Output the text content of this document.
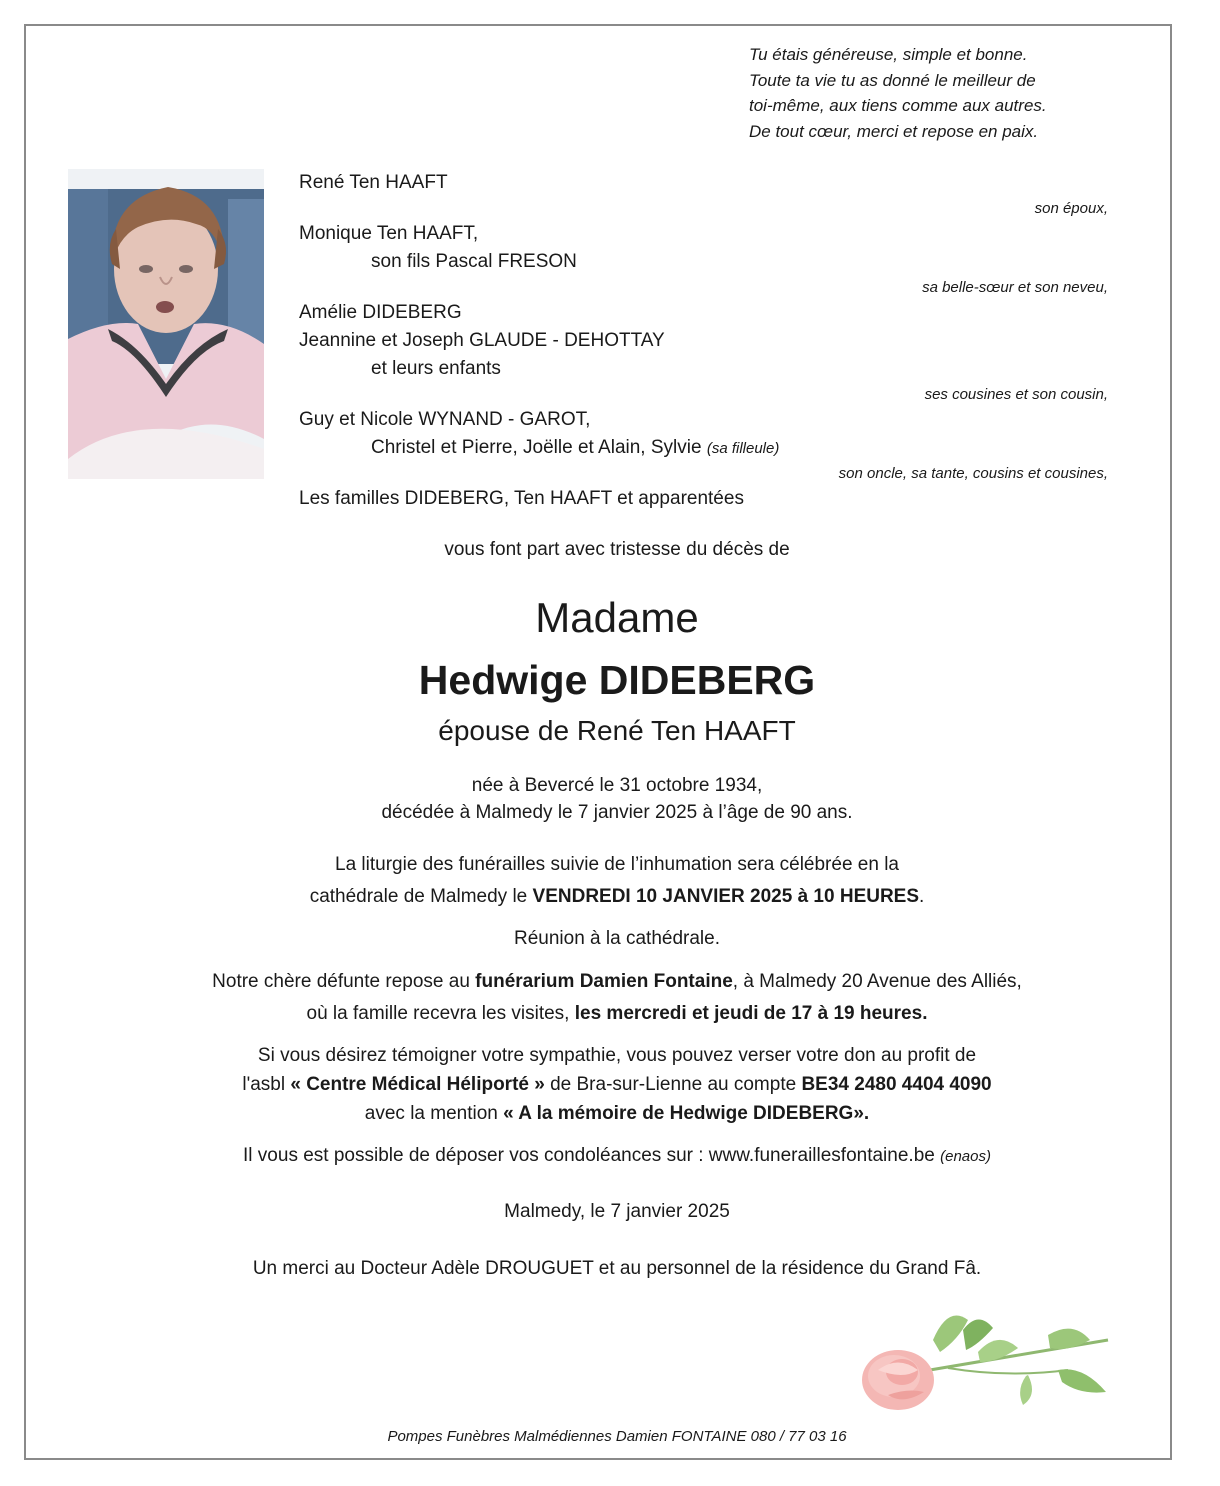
Tu étais généreuse, simple et bonne.
Toute ta vie tu as donné le meilleur de
toi-même, aux tiens comme aux autres.
De tout cœur, merci et repose en paix.
René Ten HAAFT
son époux,
Monique Ten HAAFT,
son fils Pascal FRESON
sa belle-sœur et son neveu,
Amélie DIDEBERG
Jeannine et Joseph GLAUDE - DEHOTTAY
et leurs enfants
ses cousines et son cousin,
Guy et Nicole WYNAND - GAROT,
Christel et Pierre, Joëlle et Alain, Sylvie (sa filleule)
son oncle, sa tante, cousins et cousines,
Les familles DIDEBERG, Ten HAAFT et apparentées
vous font part avec tristesse du décès de
Madame
Hedwige DIDEBERG
épouse de René Ten HAAFT
née à Bevercé le 31 octobre 1934,
décédée à Malmedy le 7 janvier 2025 à l’âge de 90 ans.
La liturgie des funérailles suivie de l’inhumation sera célébrée en la
cathédrale de Malmedy le VENDREDI 10 JANVIER 2025 à 10 HEURES.
Réunion à la cathédrale.
Notre chère défunte repose au funérarium Damien Fontaine, à Malmedy 20 Avenue des Alliés,
où la famille recevra les visites, les mercredi et jeudi de 17 à 19 heures.
Si vous désirez témoigner votre sympathie, vous pouvez verser votre don au profit de
l'asbl « Centre Médical Héliporté » de Bra-sur-Lienne au compte BE34 2480 4404 4090
avec la mention « A la mémoire de Hedwige DIDEBERG».
Il vous est possible de déposer vos condoléances sur : www.funeraillesfontaine.be (enaos)
Malmedy, le 7 janvier 2025
Un merci au Docteur Adèle DROUGUET et au personnel de la résidence du Grand Fâ.
Pompes Funèbres Malmédiennes Damien FONTAINE 080 / 77 03 16
